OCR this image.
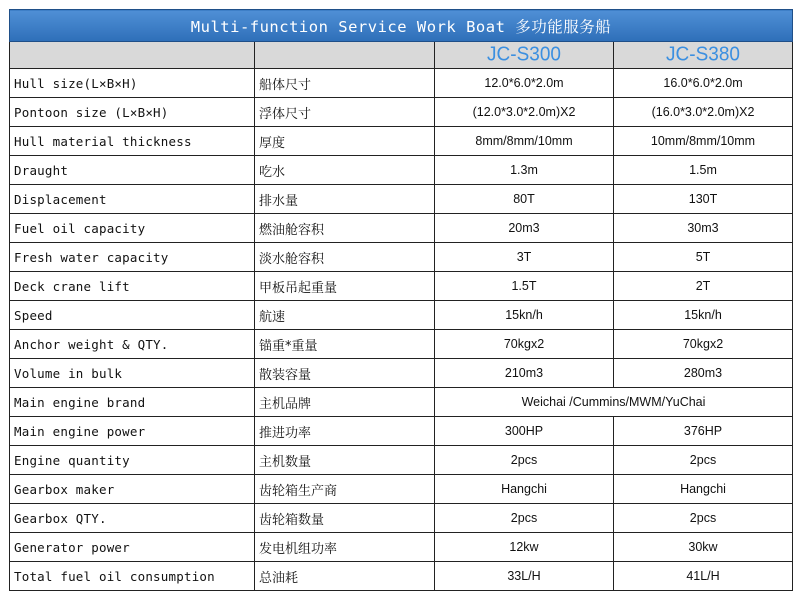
Multi-function Service Work Boat 多功能服务船			
		JC-S300	JC-S380
Hull size(L×B×H)	船体尺寸	12.0*6.0*2.0m	16.0*6.0*2.0m
Pontoon size (L×B×H)	浮体尺寸	(12.0*3.0*2.0m)X2	(16.0*3.0*2.0m)X2
Hull material thickness	厚度	8mm/8mm/10mm	10mm/8mm/10mm
Draught	吃水	1.3m	1.5m
Displacement	排水量	80T	130T
Fuel oil capacity	燃油舱容积	20m3	30m3
Fresh water capacity	淡水舱容积	3T	5T
Deck crane lift	甲板吊起重量	1.5T	2T
Speed	航速	15kn/h	15kn/h
Anchor weight & QTY.	锚重*重量	70kgx2	70kgx2
Volume in bulk	散装容量	210m3	280m3
Main engine brand	主机品牌	Weichai /Cummins/MWM/YuChai	
Main engine power	推进功率	300HP	376HP
Engine quantity	主机数量	2pcs	2pcs
Gearbox maker	齿轮箱生产商	Hangchi	Hangchi
Gearbox QTY.	齿轮箱数量	2pcs	2pcs
Generator power	发电机组功率	12kw	30kw
Total fuel oil consumption	总油耗	33L/H	41L/H
